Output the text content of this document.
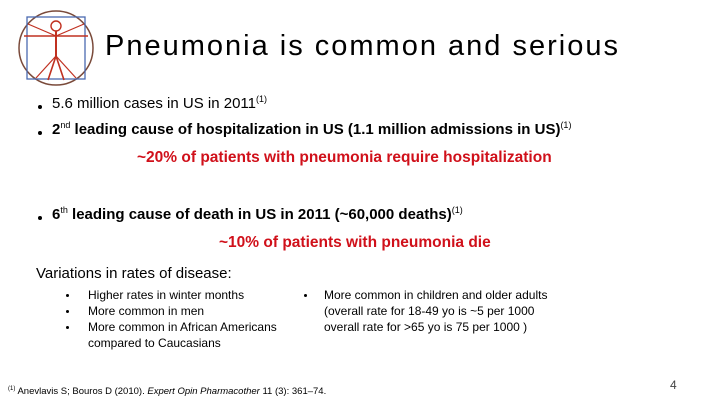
Pneumonia is common and serious
5.6 million cases in US in 2011$^{(1)}$
2nd leading cause of hospitalization in US (1.1 million admissions in US)$^{(1)}$
~20% of patients with pneumonia require hospitalization
6th leading cause of death in US in 2011 (~60,000 deaths)$^{(1)}$
~10% of patients with pneumonia die
Variations in rates of disease:
Higher rates in winter months
More common in men
More common in African Americans
compared to Caucasians
More common in children and older adults
(overall rate for 18-49 yo is ~5 per 1000
overall rate for >65 yo is 75 per 1000 )
$^{(1)}$ Anevlavis S; Bouros D (2010). Expert Opin Pharmacother 11 (3): 361–74.	4
